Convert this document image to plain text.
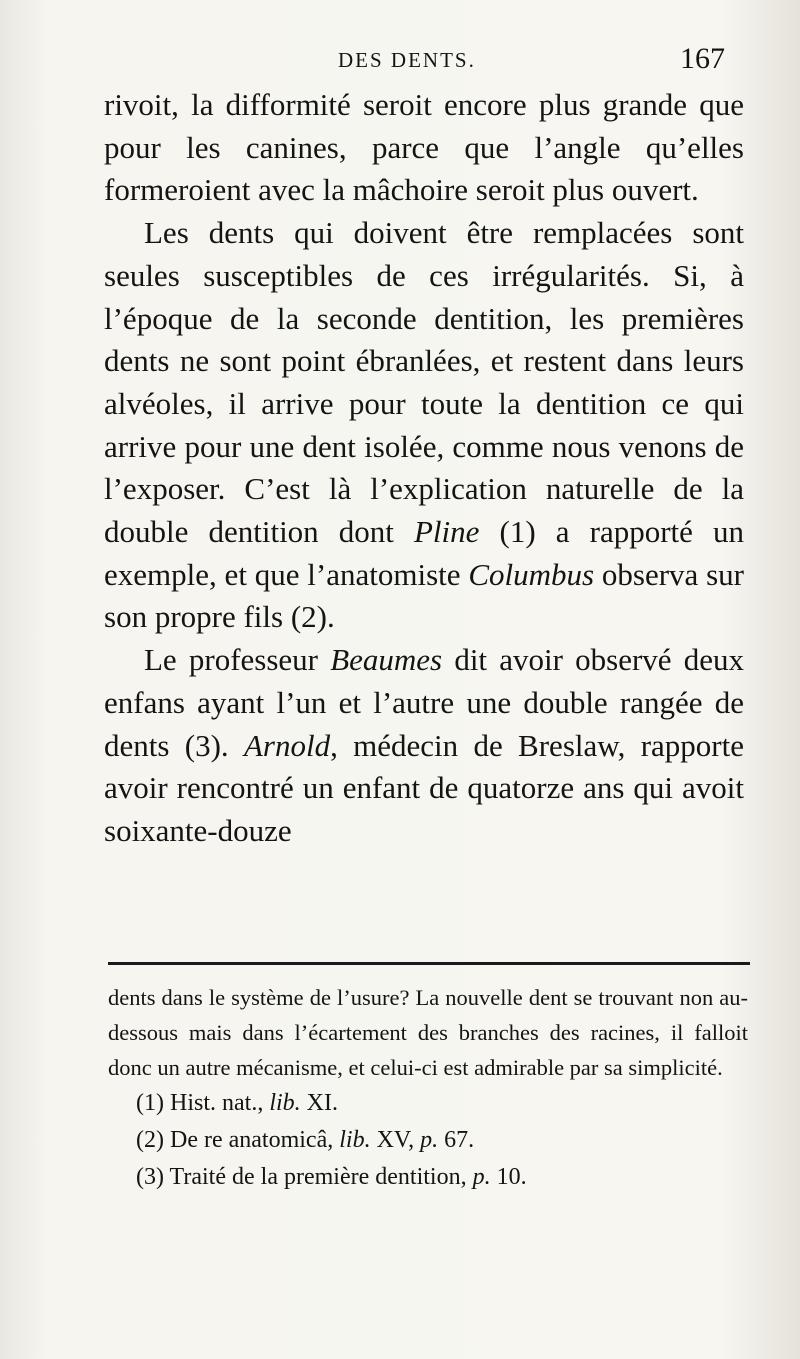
DES DENTS.	167

rivoit, la difformité seroit encore plus grande que pour les canines, parce que l’angle qu’elles formeroient avec la mâchoire seroit plus ouvert.

Les dents qui doivent être remplacées sont seules susceptibles de ces irrégularités. Si, à l’époque de la seconde dentition, les premières dents ne sont point ébranlées, et restent dans leurs alvéoles, il arrive pour toute la dentition ce qui arrive pour une dent isolée, comme nous venons de l’exposer. C’est là l’explication naturelle de la double dentition dont Pline (1) a rapporté un exemple, et que l’anatomiste Columbus observa sur son propre fils (2).

Le professeur Beaumes dit avoir observé deux enfans ayant l’un et l’autre une double rangée de dents (3). Arnold, médecin de Breslaw, rapporte avoir rencontré un enfant de quatorze ans qui avoit soixante-douze

dents dans le système de l’usure? La nouvelle dent se trouvant non au-dessous mais dans l’écartement des branches des racines, il falloit donc un autre mécanisme, et celui-ci est admirable par sa simplicité.

(1) Hist. nat., lib. XI.

(2) De re anatomicâ, lib. XV, p. 67.

(3) Traité de la première dentition, p. 10.
